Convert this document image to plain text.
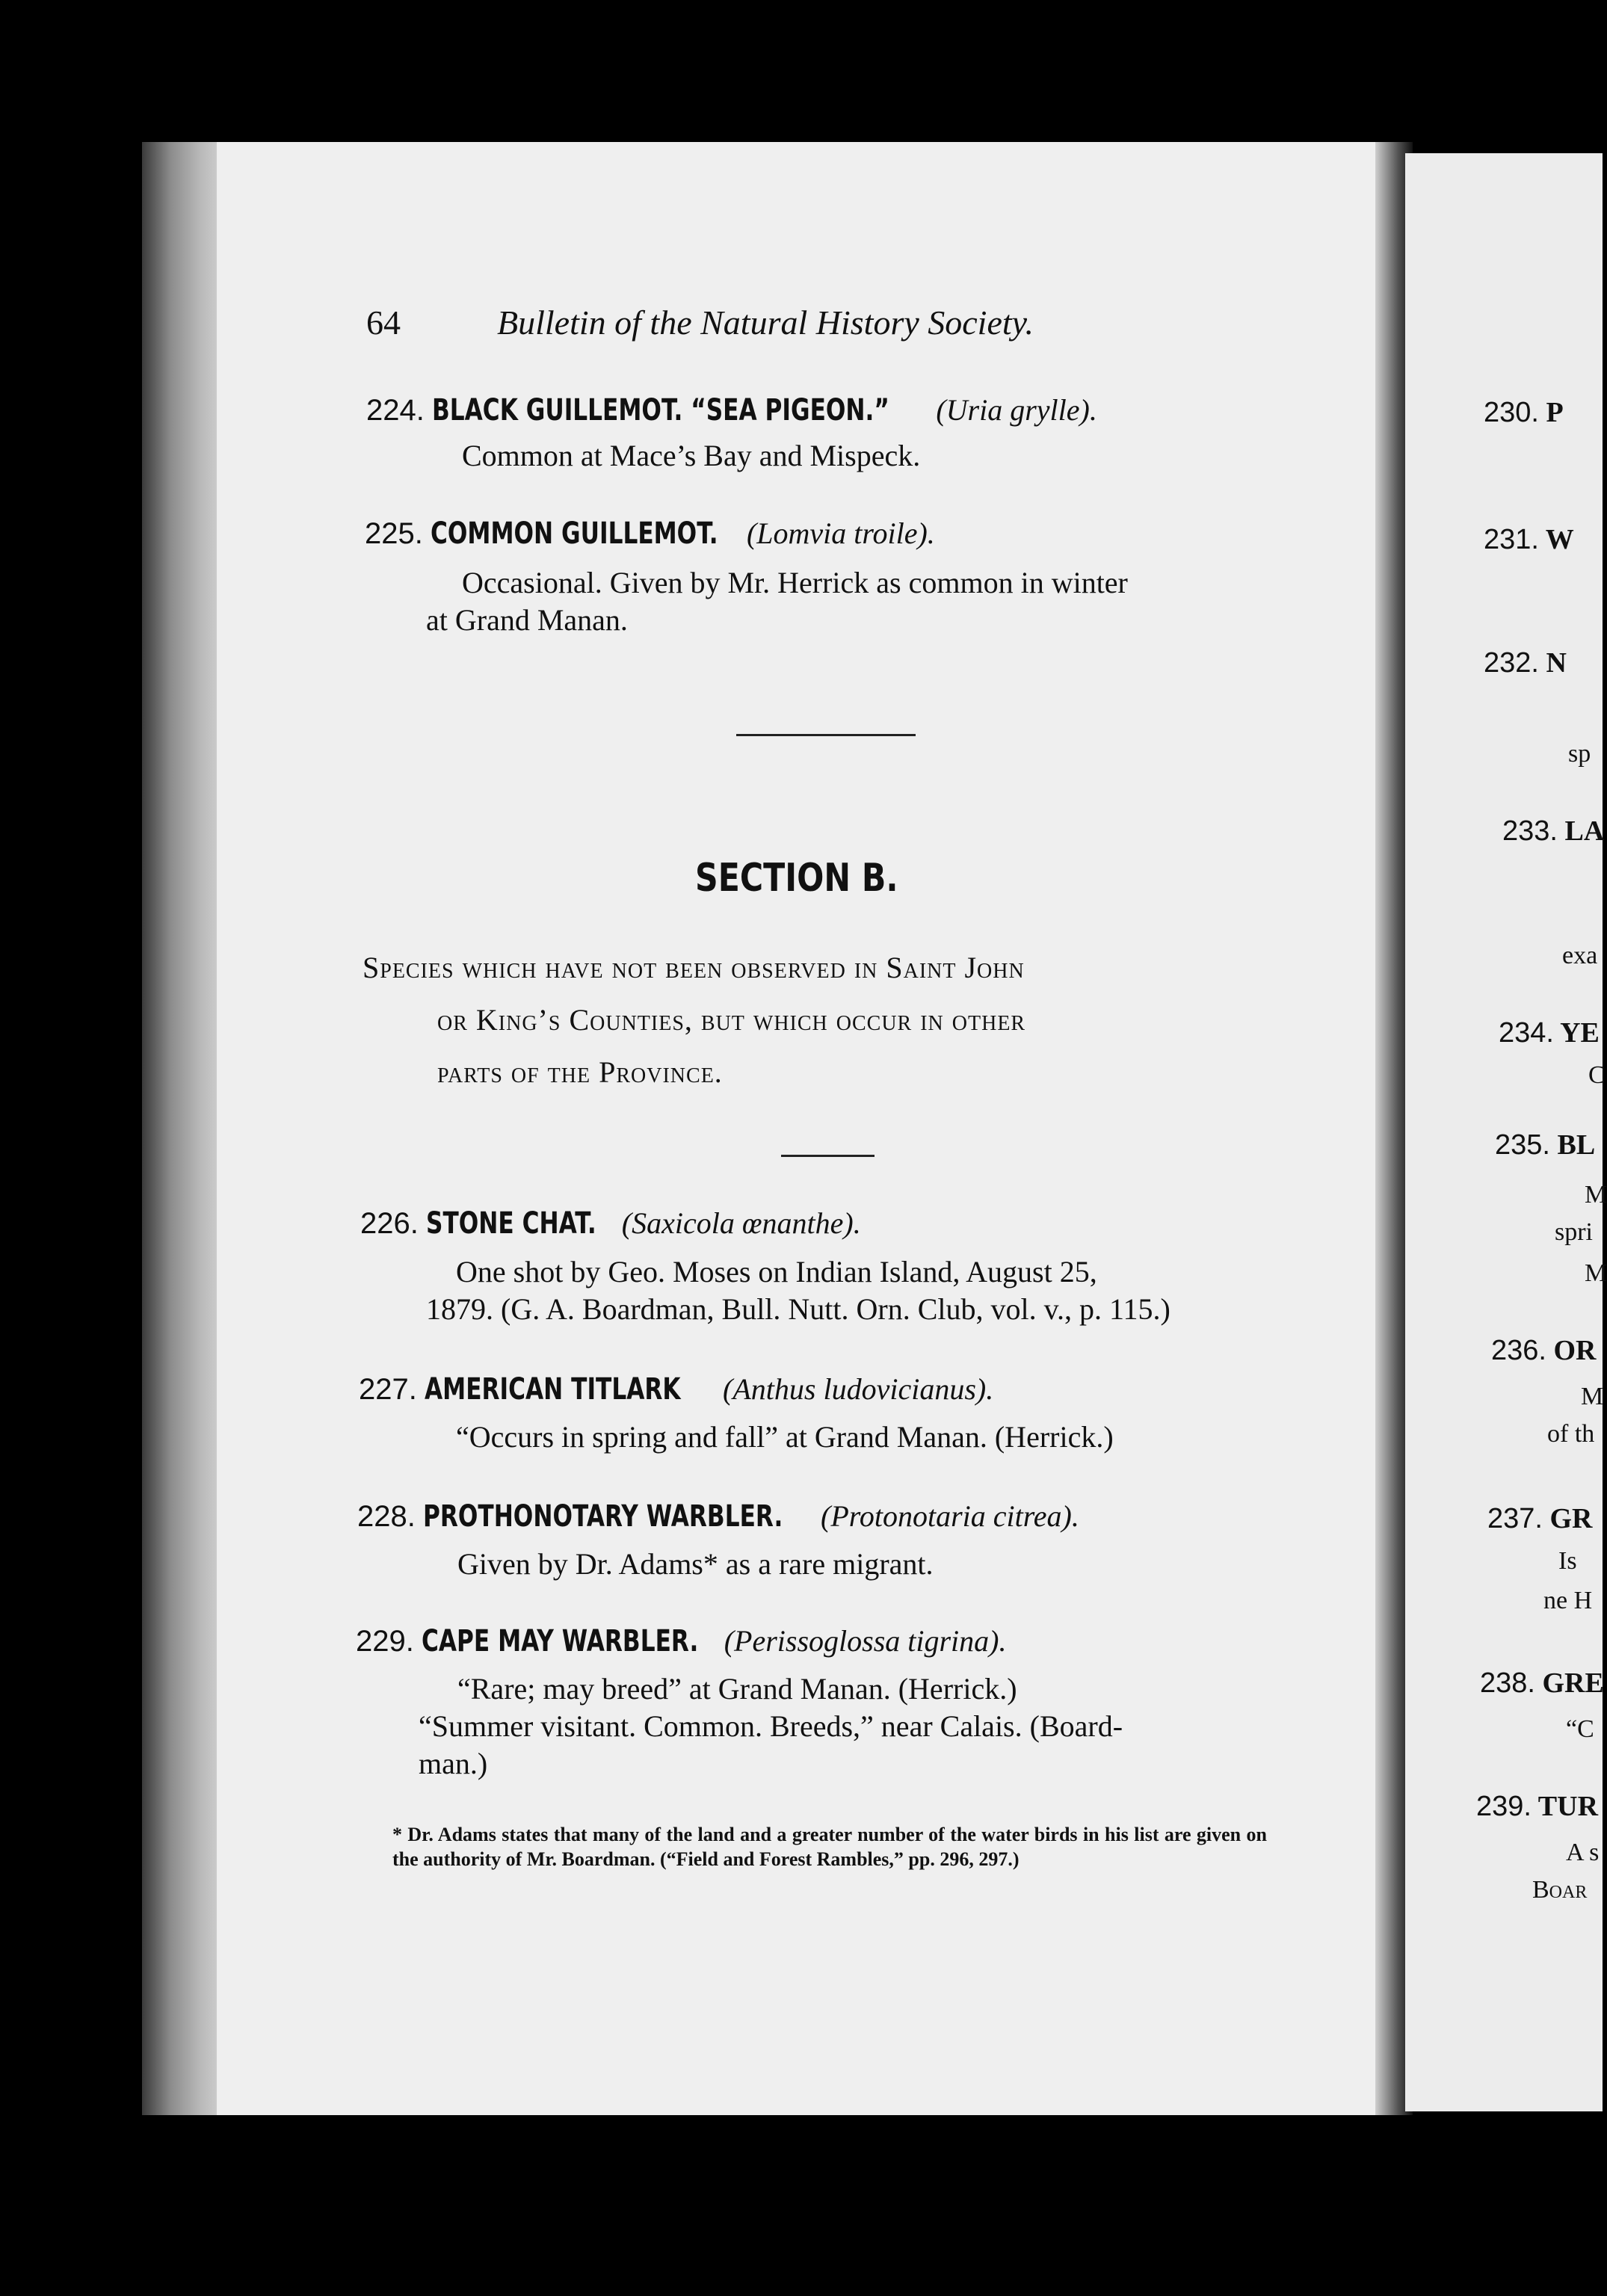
64	Bulletin of the Natural History Society.
224. BLACK GUILLEMOT. “SEA PIGEON.” (Uria grylle).
Common at Mace’s Bay and Mispeck.
225. COMMON GUILLEMOT. (Lomvia troile).
Occasional. Given by Mr. Herrick as common in winter
at Grand Manan.
SECTION B.
Species which have not been observed in Saint John
or King’s Counties, but which occur in other
parts of the Province.
226. STONE CHAT. (Saxicola œnanthe).
One shot by Geo. Moses on Indian Island, August 25,
1879. (G. A. Boardman, Bull. Nutt. Orn. Club, vol. v., p. 115.)
227. AMERICAN TITLARK (Anthus ludovicianus).
“Occurs in spring and fall” at Grand Manan. (Herrick.)
228. PROTHONOTARY WARBLER. (Protonotaria citrea).
Given by Dr. Adams* as a rare migrant.
229. CAPE MAY WARBLER. (Perissoglossa tigrina).
“Rare; may breed” at Grand Manan. (Herrick.)
“Summer visitant. Common. Breeds,” near Calais. (Board-
man.)
* Dr. Adams states that many of the land and a greater number of the water birds in his list are given on the authority of Mr. Boardman. (“Field and Forest Rambles,” pp. 296, 297.)
230. P
231. W
232. N
sp
233. LA
exa
234. YE
C
235. BL
M
spri
M
236. OR
M
of th
237. GR
Is
ne H
238. GRE
“C
239. TUR
A s
Boar
